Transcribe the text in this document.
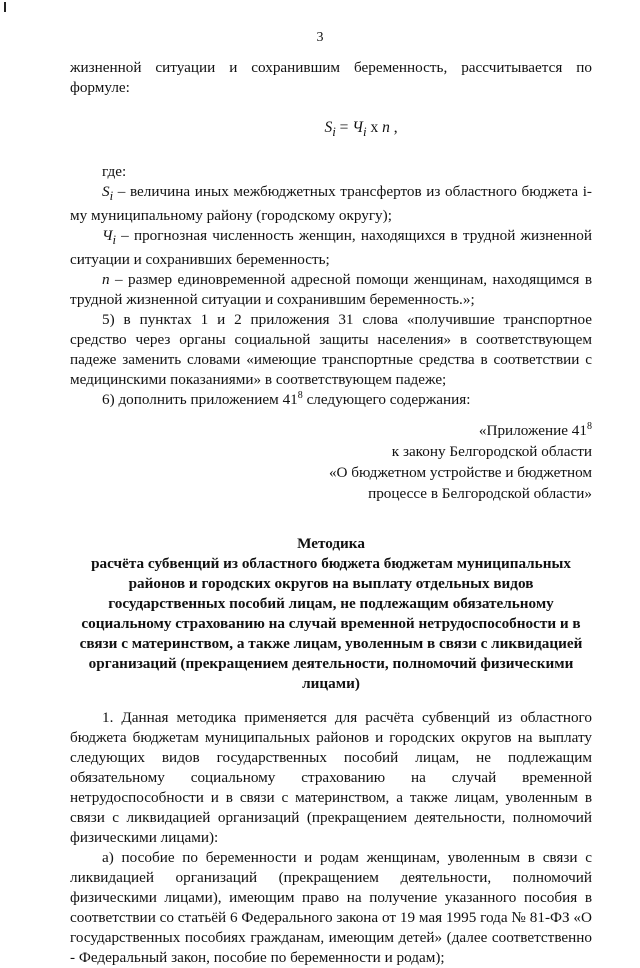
3

жизненной ситуации и сохранившим беременность, рассчитывается по формуле:

$S_i = Ч_i$ х n ,

где:

$S_i$ – величина иных межбюджетных трансфертов из областного бюджета i-му муниципальному району (городскому округу);

$Ч_i$ – прогнозная численность женщин, находящихся в трудной жизненной ситуации и сохранивших беременность;

n – размер единовременной адресной помощи женщинам, находящимся в трудной жизненной ситуации и сохранившим беременность.»;

5) в пунктах 1 и 2 приложения 31 слова «получившие транспортное средство через органы социальной защиты населения» в соответствующем падеже заменить словами «имеющие транспортные средства в соответствии с медицинскими показаниями» в соответствующем падеже;

6) дополнить приложением $41^8$ следующего содержания:

«Приложение $41^8$
к закону Белгородской области
«О бюджетном устройстве и бюджетном
процессе в Белгородской области»
Методика
расчёта субвенций из областного бюджета бюджетам муниципальных районов и городских округов на выплату отдельных видов государственных пособий лицам, не подлежащим обязательному социальному страхованию на случай временной нетрудоспособности и в связи с материнством, а также лицам, уволенным в связи с ликвидацией организаций (прекращением деятельности, полномочий физическими лицами)

1. Данная методика применяется для расчёта субвенций из областного бюджета бюджетам муниципальных районов и городских округов на выплату следующих видов государственных пособий лицам, не подлежащим обязательному социальному страхованию на случай временной нетрудоспособности и в связи с материнством, а также лицам, уволенным в связи с ликвидацией организаций (прекращением деятельности, полномочий физическими лицами):

а) пособие по беременности и родам женщинам, уволенным в связи с ликвидацией организаций (прекращением деятельности, полномочий физическими лицами), имеющим право на получение указанного пособия в соответствии со статьёй 6 Федерального закона от 19 мая 1995 года № 81-ФЗ «О государственных пособиях гражданам, имеющим детей» (далее соответственно - Федеральный закон, пособие по беременности и родам);
